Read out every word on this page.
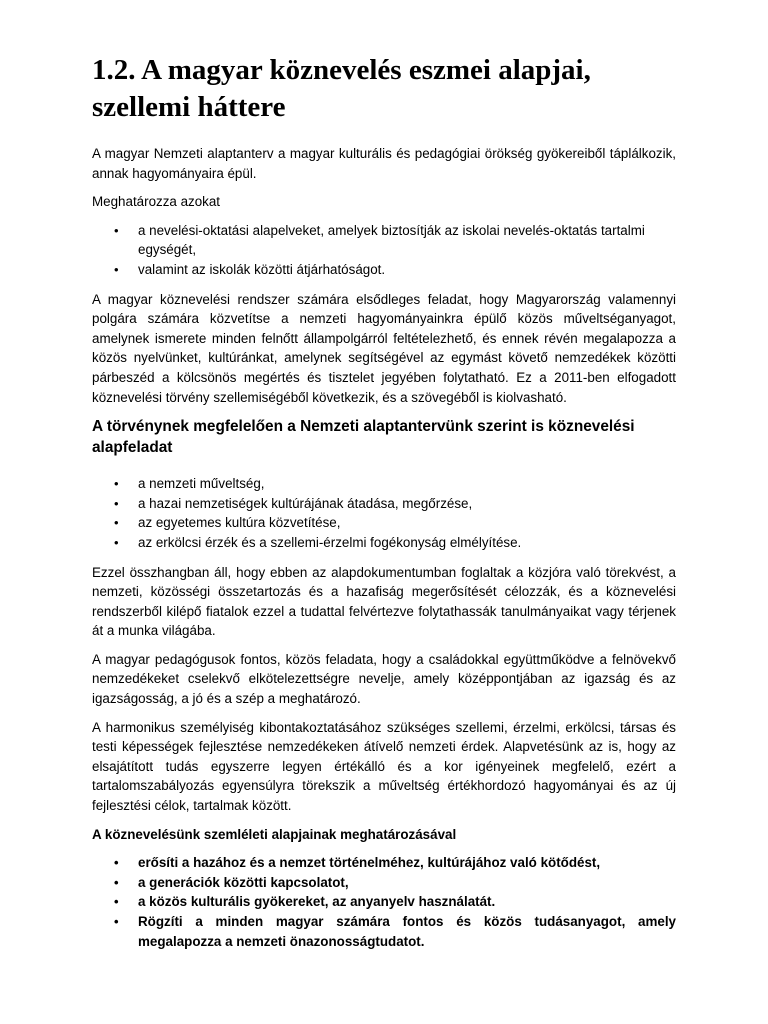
1.2. A magyar köznevelés eszmei alapjai, szellemi háttere

A magyar Nemzeti alaptanterv a magyar kulturális és pedagógiai örökség gyökereiből táplálkozik, annak hagyományaira épül.

Meghatározza azokat

• a nevelési-oktatási alapelveket, amelyek biztosítják az iskolai nevelés-oktatás tartalmi egységét,
• valamint az iskolák közötti átjárhatóságot.

A magyar köznevelési rendszer számára elsődleges feladat, hogy Magyarország valamennyi polgára számára közvetítse a nemzeti hagyományainkra épülő közös műveltséganyagot, amelynek ismerete minden felnőtt állampolgárról feltételezhető, és ennek révén megalapozza a közös nyelvünket, kultúránkat, amelynek segítségével az egymást követő nemzedékek közötti párbeszéd a kölcsönös megértés és tisztelet jegyében folytatható. Ez a 2011-ben elfogadott köznevelési törvény szellemiségéből következik, és a szövegéből is kiolvasható.

A törvénynek megfelelően a Nemzeti alaptantervünk szerint is köznevelési alapfeladat
• a nemzeti műveltség,
• a hazai nemzetiségek kultúrájának átadása, megőrzése,
• az egyetemes kultúra közvetítése,
• az erkölcsi érzék és a szellemi-érzelmi fogékonyság elmélyítése.

Ezzel összhangban áll, hogy ebben az alapdokumentumban foglaltak a közjóra való törekvést, a nemzeti, közösségi összetartozás és a hazafiság megerősítését célozzák, és a köznevelési rendszerből kilépő fiatalok ezzel a tudattal felvértezve folytathassák tanulmányaikat vagy térjenek át a munka világába.

A magyar pedagógusok fontos, közös feladata, hogy a családokkal együttműködve a felnövekvő nemzedékeket cselekvő elkötelezettségre nevelje, amely középpontjában az igazság és az igazságosság, a jó és a szép a meghatározó.

A harmonikus személyiség kibontakoztatásához szükséges szellemi, érzelmi, erkölcsi, társas és testi képességek fejlesztése nemzedékeken átívelő nemzeti érdek. Alapvetésünk az is, hogy az elsajátított tudás egyszerre legyen értékálló és a kor igényeinek megfelelő, ezért a tartalomszabályozás egyensúlyra törekszik a műveltség értékhordozó hagyományai és az új fejlesztési célok, tartalmak között.

A köznevelésünk szemléleti alapjainak meghatározásával
• erősíti a hazához és a nemzet történelméhez, kultúrájához való kötődést,
• a generációk közötti kapcsolatot,
• a közös kulturális gyökereket, az anyanyelv használatát.
• Rögzíti a minden magyar számára fontos és közös tudásanyagot, amely megalapozza a nemzeti önazonosságtudatot.
